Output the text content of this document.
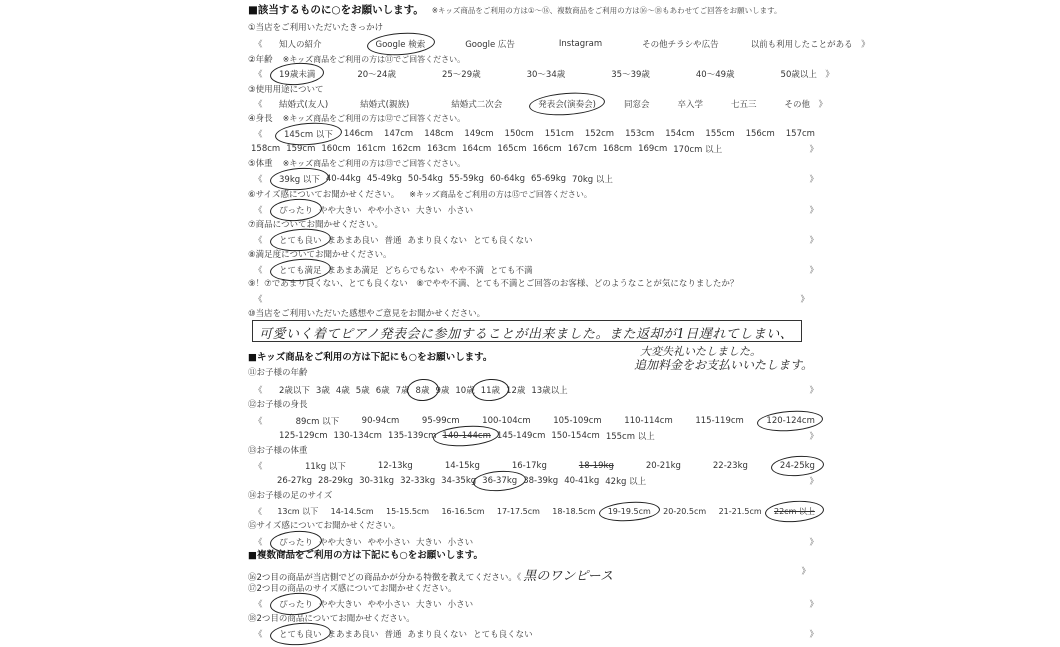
■該当するものに○をお願いします。 ※キッズ商品をご利用の方は①～⑯、複数商品をご利用の方は⑯～⑱もあわせてご回答をお願いします。
①当店をご利用いただいたきっかけ
《	知人の紹介	Google 検索	Google 広告	Instagram	その他チラシや広告	以前も利用したことがある 》
②年齢 ※キッズ商品をご利用の方は⑪でご回答ください。
《	19歳未満	20～24歳	25～29歳	30～34歳	35～39歳	40～49歳	50歳以上 》
③使用用途について
《	結婚式(友人)	結婚式(親族)	結婚式二次会	発表会(演奏会)	同窓会	卒入学	七五三	その他 》
④身長 ※キッズ商品をご利用の方は⑫でご回答ください。
《	145cm 以下	146cm	147cm	148cm	149cm	150cm	151cm	152cm	153cm	154cm	155cm	156cm	157cm
158cm 159cm 160cm 161cm 162cm 163cm 164cm 165cm 166cm 167cm 168cm 169cm 170cm 以上	》
⑤体重 ※キッズ商品をご利用の方は⑬でご回答ください。
《	39kg 以下 40-44kg 45-49kg 50-54kg 55-59kg 60-64kg 65-69kg 70kg 以上	》
⑥サイズ感についてお聞かせください。 ※キッズ商品をご利用の方は⑮でご回答ください。
《	ぴったり やや大きい やや小さい 大きい 小さい	》
⑦商品についてお聞かせください。
《	とても良い まあまあ良い 普通 あまり良くない とても良くない	》
⑧満足度についてお聞かせください。
《	とても満足 まあまあ満足 どちらでもない やや不満 とても不満	》
⑨！⑦であまり良くない、とても良くない　⑧でやや不満、とても不満とご回答のお客様、どのようなことが気になりましたか？
《	》
⑩当店をご利用いただいた感想やご意見をお聞かせください。
可愛いく着てピアノ発表会に参加することが出来ました。また返却が1日遅れてしまい、
大変失礼いたしました。
追加料金をお支払いいたします。
■キッズ商品をご利用の方は下記にも○をお願いします。
⑪お子様の年齢
《	2歳以下 3歳 4歳 5歳 6歳 7歳 8歳 9歳 10歳 11歳 12歳 13歳以上	》
⑫お子様の身長
《	89cm 以下	90-94cm	95-99cm	100-104cm	105-109cm	110-114cm	115-119cm	120-124cm
125-129cm 130-134cm 135-139cm 140-144cm 145-149cm 150-154cm 155cm 以上	》
⑬お子様の体重
《	11kg 以下	12-13kg	14-15kg	16-17kg	18-19kg	20-21kg	22-23kg	24-25kg
26-27kg 28-29kg 30-31kg 32-33kg 34-35kg 36-37kg 38-39kg 40-41kg 42kg 以上	》
⑭お子様の足のサイズ
《	13cm 以下	14-14.5cm	15-15.5cm	16-16.5cm	17-17.5cm	18-18.5cm	19-19.5cm	20-20.5cm	21-21.5cm	22cm 以上
⑮サイズ感についてお聞かせください。
《	ぴったり やや大きい やや小さい 大きい 小さい	》
■複数商品をご利用の方は下記にも○をお願いします。
⑯2つ目の商品が当店側でどの商品かが分かる特徴を教えてください。《 黒のワンピース	》
⑰2つ目の商品のサイズ感についてお聞かせください。
《	ぴったり やや大きい やや小さい 大きい 小さい	》
⑱2つ目の商品についてお聞かせください。
《	とても良い まあまあ良い 普通 あまり良くない とても良くない	》
